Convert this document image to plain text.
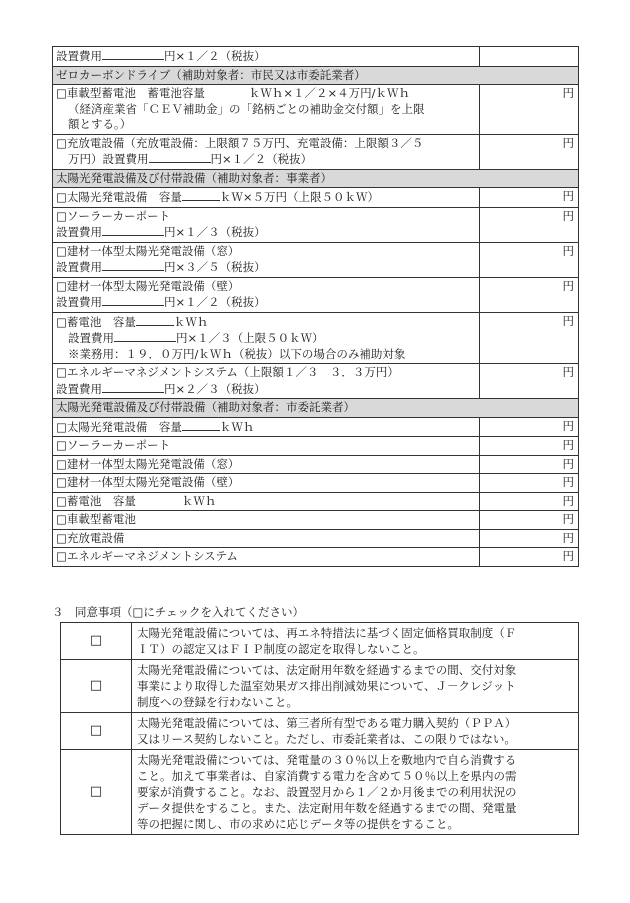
設置費用 円×１／２（税抜）	
ゼロカーボンドライブ（補助対象者：市民又は市委託業者）	

□車載型蓄電池　蓄電池容量 ｋＷｈ×１／２×４万円/ｋＷｈ
（経済産業省「ＣＥＶ補助金」の「銘柄ごとの補助金交付額」を上限
額とする。）	円

□充放電設備（充放電設備：上限額７５万円、充電設備：上限額３／５
万円）設置費用 円×１／２（税抜）	円
太陽光発電設備及び付帯設備（補助対象者：事業者）	
□太陽光発電設備　容量 ｋＷ×５万円（上限５０ｋＷ）	円

□ソーラーカーポート
設置費用 円×１／３（税抜）	円

□建材一体型太陽光発電設備（窓）
設置費用 円×３／５（税抜）	円

□建材一体型太陽光発電設備（壁）
設置費用 円×１／２（税抜）	円

□蓄電池　容量 ｋＷｈ
設置費用 円×１／３（上限５０ｋＷ）
※業務用：１９．０万円/ｋＷｈ（税抜）以下の場合のみ補助対象	円

□エネルギーマネジメントシステム（上限額１／３　３．３万円）
設置費用 円×２／３（税抜）	円
太陽光発電設備及び付帯設備（補助対象者：市委託業者）	
□太陽光発電設備　容量 ｋＷｈ	円
□ソーラーカーポート	円
□建材一体型太陽光発電設備（窓）	円
□建材一体型太陽光発電設備（壁）	円
□蓄電池　容量　　　　ｋＷｈ	円
□車載型蓄電池	円
□充放電設備	円
□エネルギーマネジメントシステム	円
３　同意事項（□にチェックを入れてください）
□	太陽光発電設備については、再エネ特措法に基づく固定価格買取制度（Ｆ
ＩＴ）の認定又はＦＩＰ制度の認定を取得しないこと。

□	太陽光発電設備については、法定耐用年数を経過するまでの間、交付対象
事業により取得した温室効果ガス排出削減効果について、Ｊ－クレジット
制度への登録を行わないこと。

□	太陽光発電設備については、第三者所有型である電力購入契約（ＰＰＡ）
又はリース契約しないこと。ただし、市委託業者は、この限りではない。

□	太陽光発電設備については、発電量の３０％以上を敷地内で自ら消費する
こと。加えて事業者は、自家消費する電力を含めて５０％以上を県内の需
要家が消費すること。なお、設置翌月から１／２か月後までの利用状況の
データ提供をすること。また、法定耐用年数を経過するまでの間、発電量
等の把握に関し、市の求めに応じデータ等の提供をすること。
